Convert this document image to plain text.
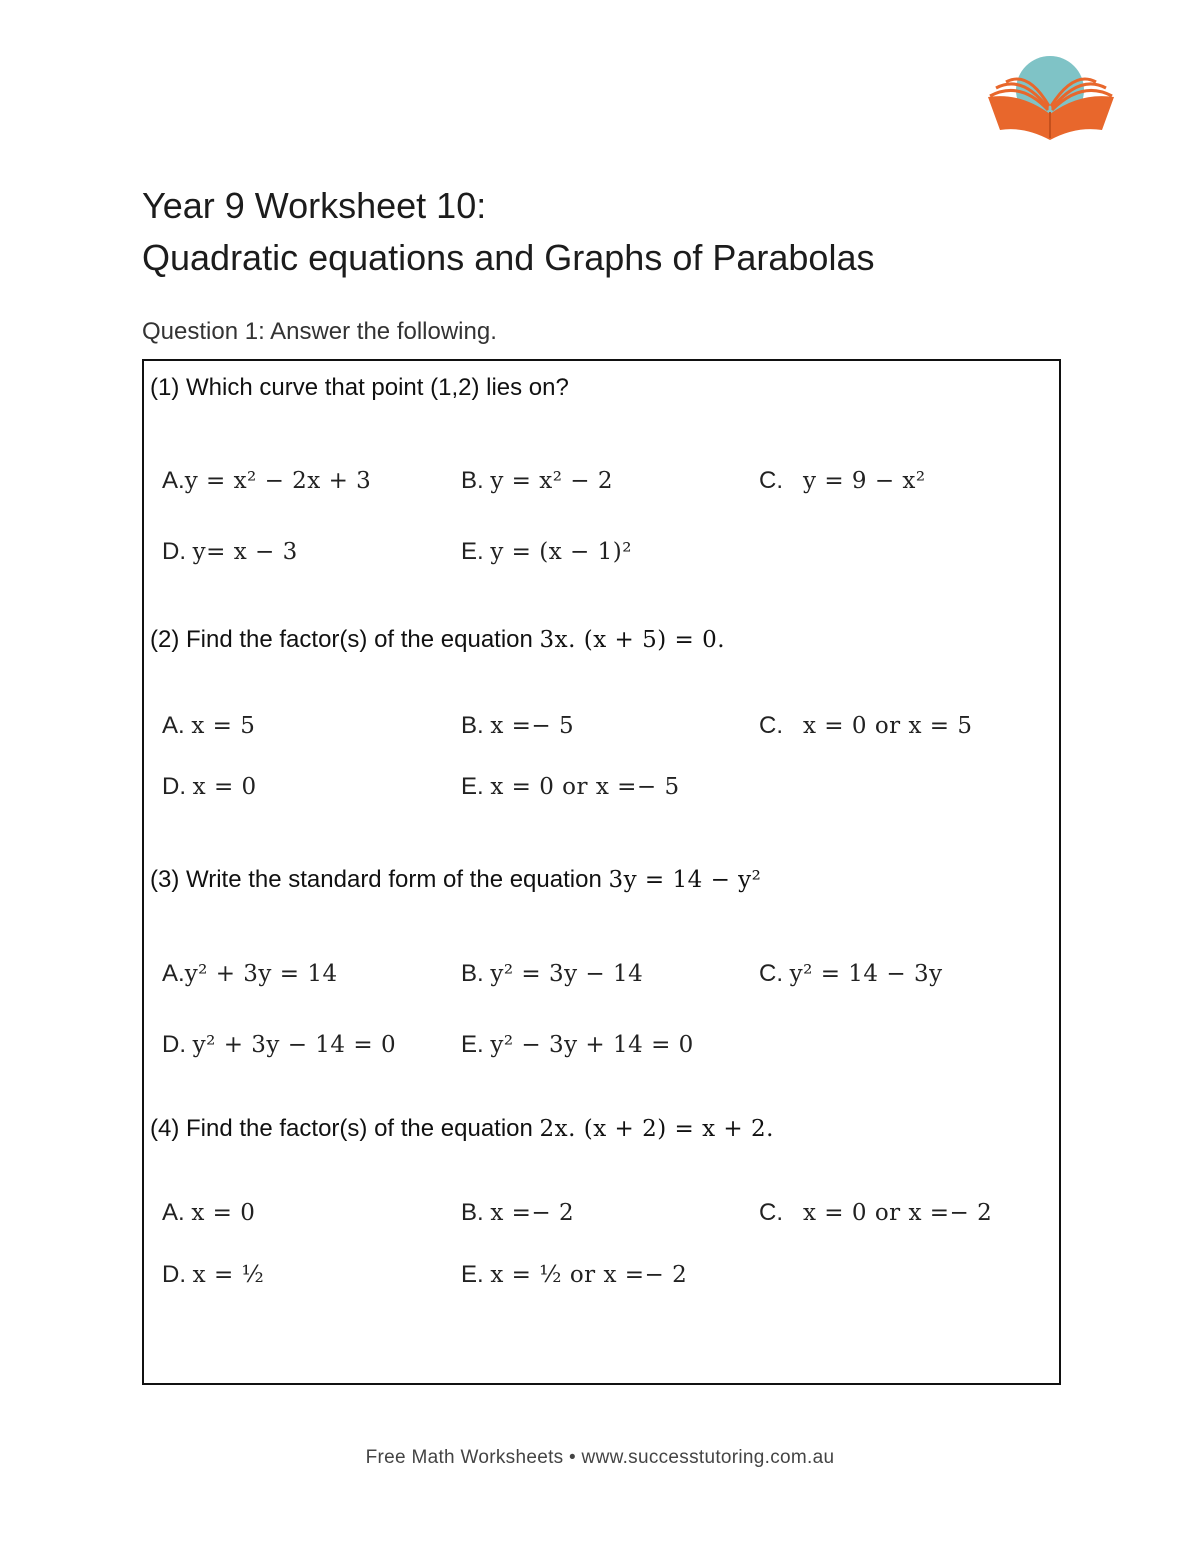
Year 9 Worksheet 10:
Quadratic equations and Graphs of Parabolas
Question 1: Answer the following.
(1) Which curve that point (1,2) lies on?
A.y = x² − 2x + 3	B. y = x² − 2	C. y = 9 − x²
D. y= x − 3	E. y = (x − 1)²
(2) Find the factor(s) of the equation 3x. (x + 5) = 0.
A. x = 5	B. x =− 5	C. x = 0 or x = 5
D. x = 0	E. x = 0 or x =− 5
(3) Write the standard form of the equation 3y = 14 − y²
A.y² + 3y = 14	B. y² = 3y − 14	C. y² = 14 − 3y
D. y² + 3y − 14 = 0	E. y² − 3y + 14 = 0
(4) Find the factor(s) of the equation 2x. (x + 2) = x + 2.
A. x = 0	B. x =− 2	C. x = 0 or x =− 2
D. x = ½	E. x = ½ or x =− 2
Free Math Worksheets • www.successtutoring.com.au
